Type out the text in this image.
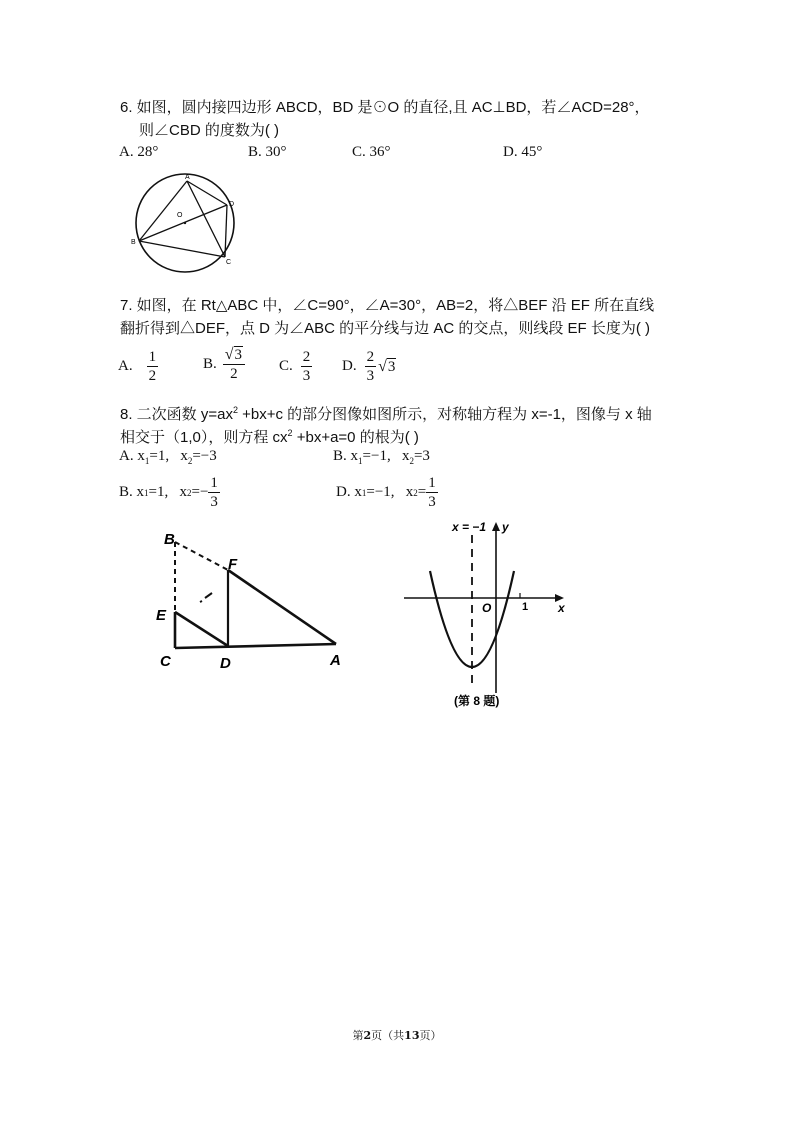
6. 如图，圆内接四边形 ABCD，BD 是⊙O 的直径,且 AC⊥BD，若∠ACD=28°，
则∠CBD 的度数为( )
A. 28°	B. 30°	C. 36°	D. 45°
A
B
C
D
O
7. 如图，在 Rt△ABC 中，∠C=90°，∠A=30°，AB=2，将△BEF 沿 EF 所在直线
翻折得到△DEF，点 D 为∠ABC 的平分线与边 AC 的交点，则线段 EF 长度为( )
A. $\frac{1}{2}$	B. $\frac{√ 3}{2} C$. $\frac{2}{3} D$. $\frac{2}{3}$ √ 3
8. 二次函数 $y=ax^2 +bx+c$ 的部分图像如图所示，对称轴方程为 x=-1，图像与 x 轴
相交于（1,0），则方程 $cx^2 +bx+a=0$ 的根为( )
A. $x_1=1$,   $x_2=-3$	B. $x_1=-1$,   $x_2=3$
B. x 1 = 1 ,   x 2 = − $\frac{1}{3}$	D. x 1 = −1 ,   x $2 = \frac{1}{3}$
B
F
E
C	D	A
x = −1 y
x
O	1
(第 8 题)
第2页（共13页）
